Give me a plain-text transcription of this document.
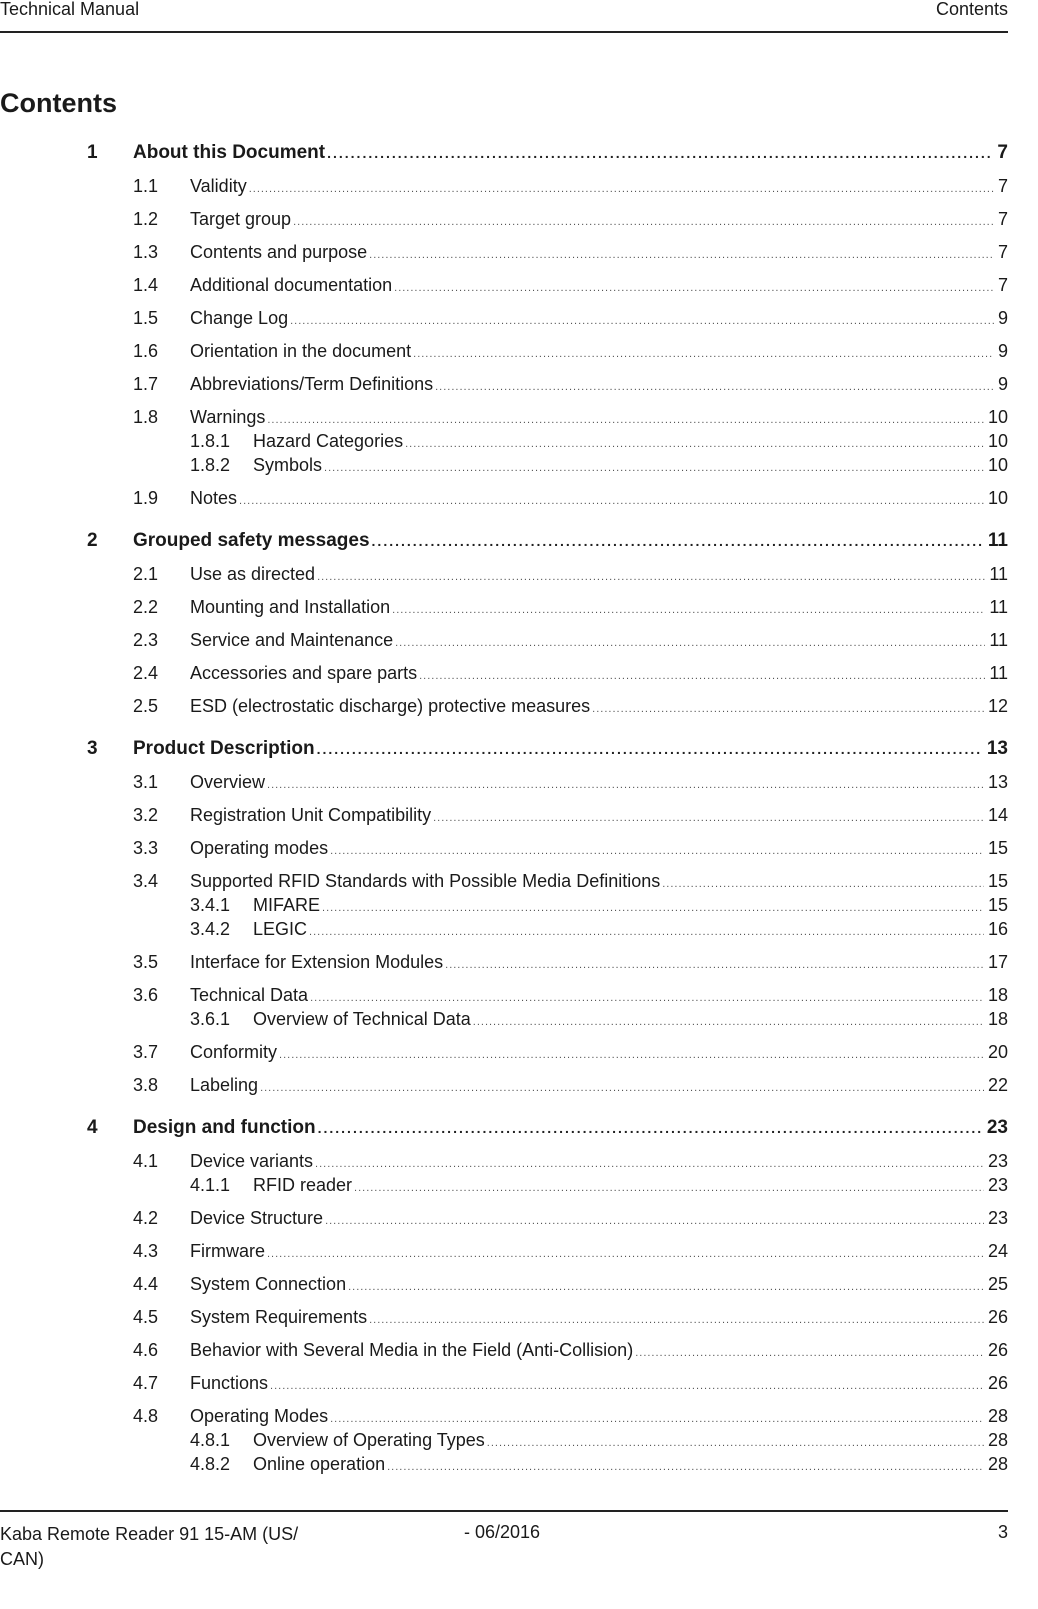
Technical Manual	Contents
Contents
1 About this Document .....	7
1.1 Validity .....	7
1.2 Target group .....	7
1.3 Contents and purpose .....	7
1.4 Additional documentation .....	7
1.5 Change Log .....	9
1.6 Orientation in the document .....	9
1.7 Abbreviations/Term Definitions .....	9
1.8 Warnings .....	10
1.8.1 Hazard Categories .....	10
1.8.2 Symbols .....	10
1.9 Notes .....	10
2 Grouped safety messages .....	11
2.1 Use as directed .....	11
2.2 Mounting and Installation .....	11
2.3 Service and Maintenance .....	11
2.4 Accessories and spare parts .....	11
2.5 ESD (electrostatic discharge) protective measures .....	12
3 Product Description .....	13
3.1 Overview .....	13
3.2 Registration Unit Compatibility .....	14
3.3 Operating modes .....	15
3.4 Supported RFID Standards with Possible Media Definitions .....	15
3.4.1 MIFARE .....	15
3.4.2 LEGIC .....	16
3.5 Interface for Extension Modules .....	17
3.6 Technical Data .....	18
3.6.1 Overview of Technical Data .....	18
3.7 Conformity .....	20
3.8 Labeling .....	22
4 Design and function .....	23
4.1 Device variants .....	23
4.1.1 RFID reader .....	23
4.2 Device Structure .....	23
4.3 Firmware .....	24
4.4 System Connection .....	25
4.5 System Requirements .....	26
4.6 Behavior with Several Media in the Field (Anti-Collision) .....	26
4.7 Functions .....	26
4.8 Operating Modes .....	28
4.8.1 Overview of Operating Types .....	28
4.8.2 Online operation .....	28
Kaba Remote Reader 91 15-AM (US/ CAN)
- 06/2016	3
